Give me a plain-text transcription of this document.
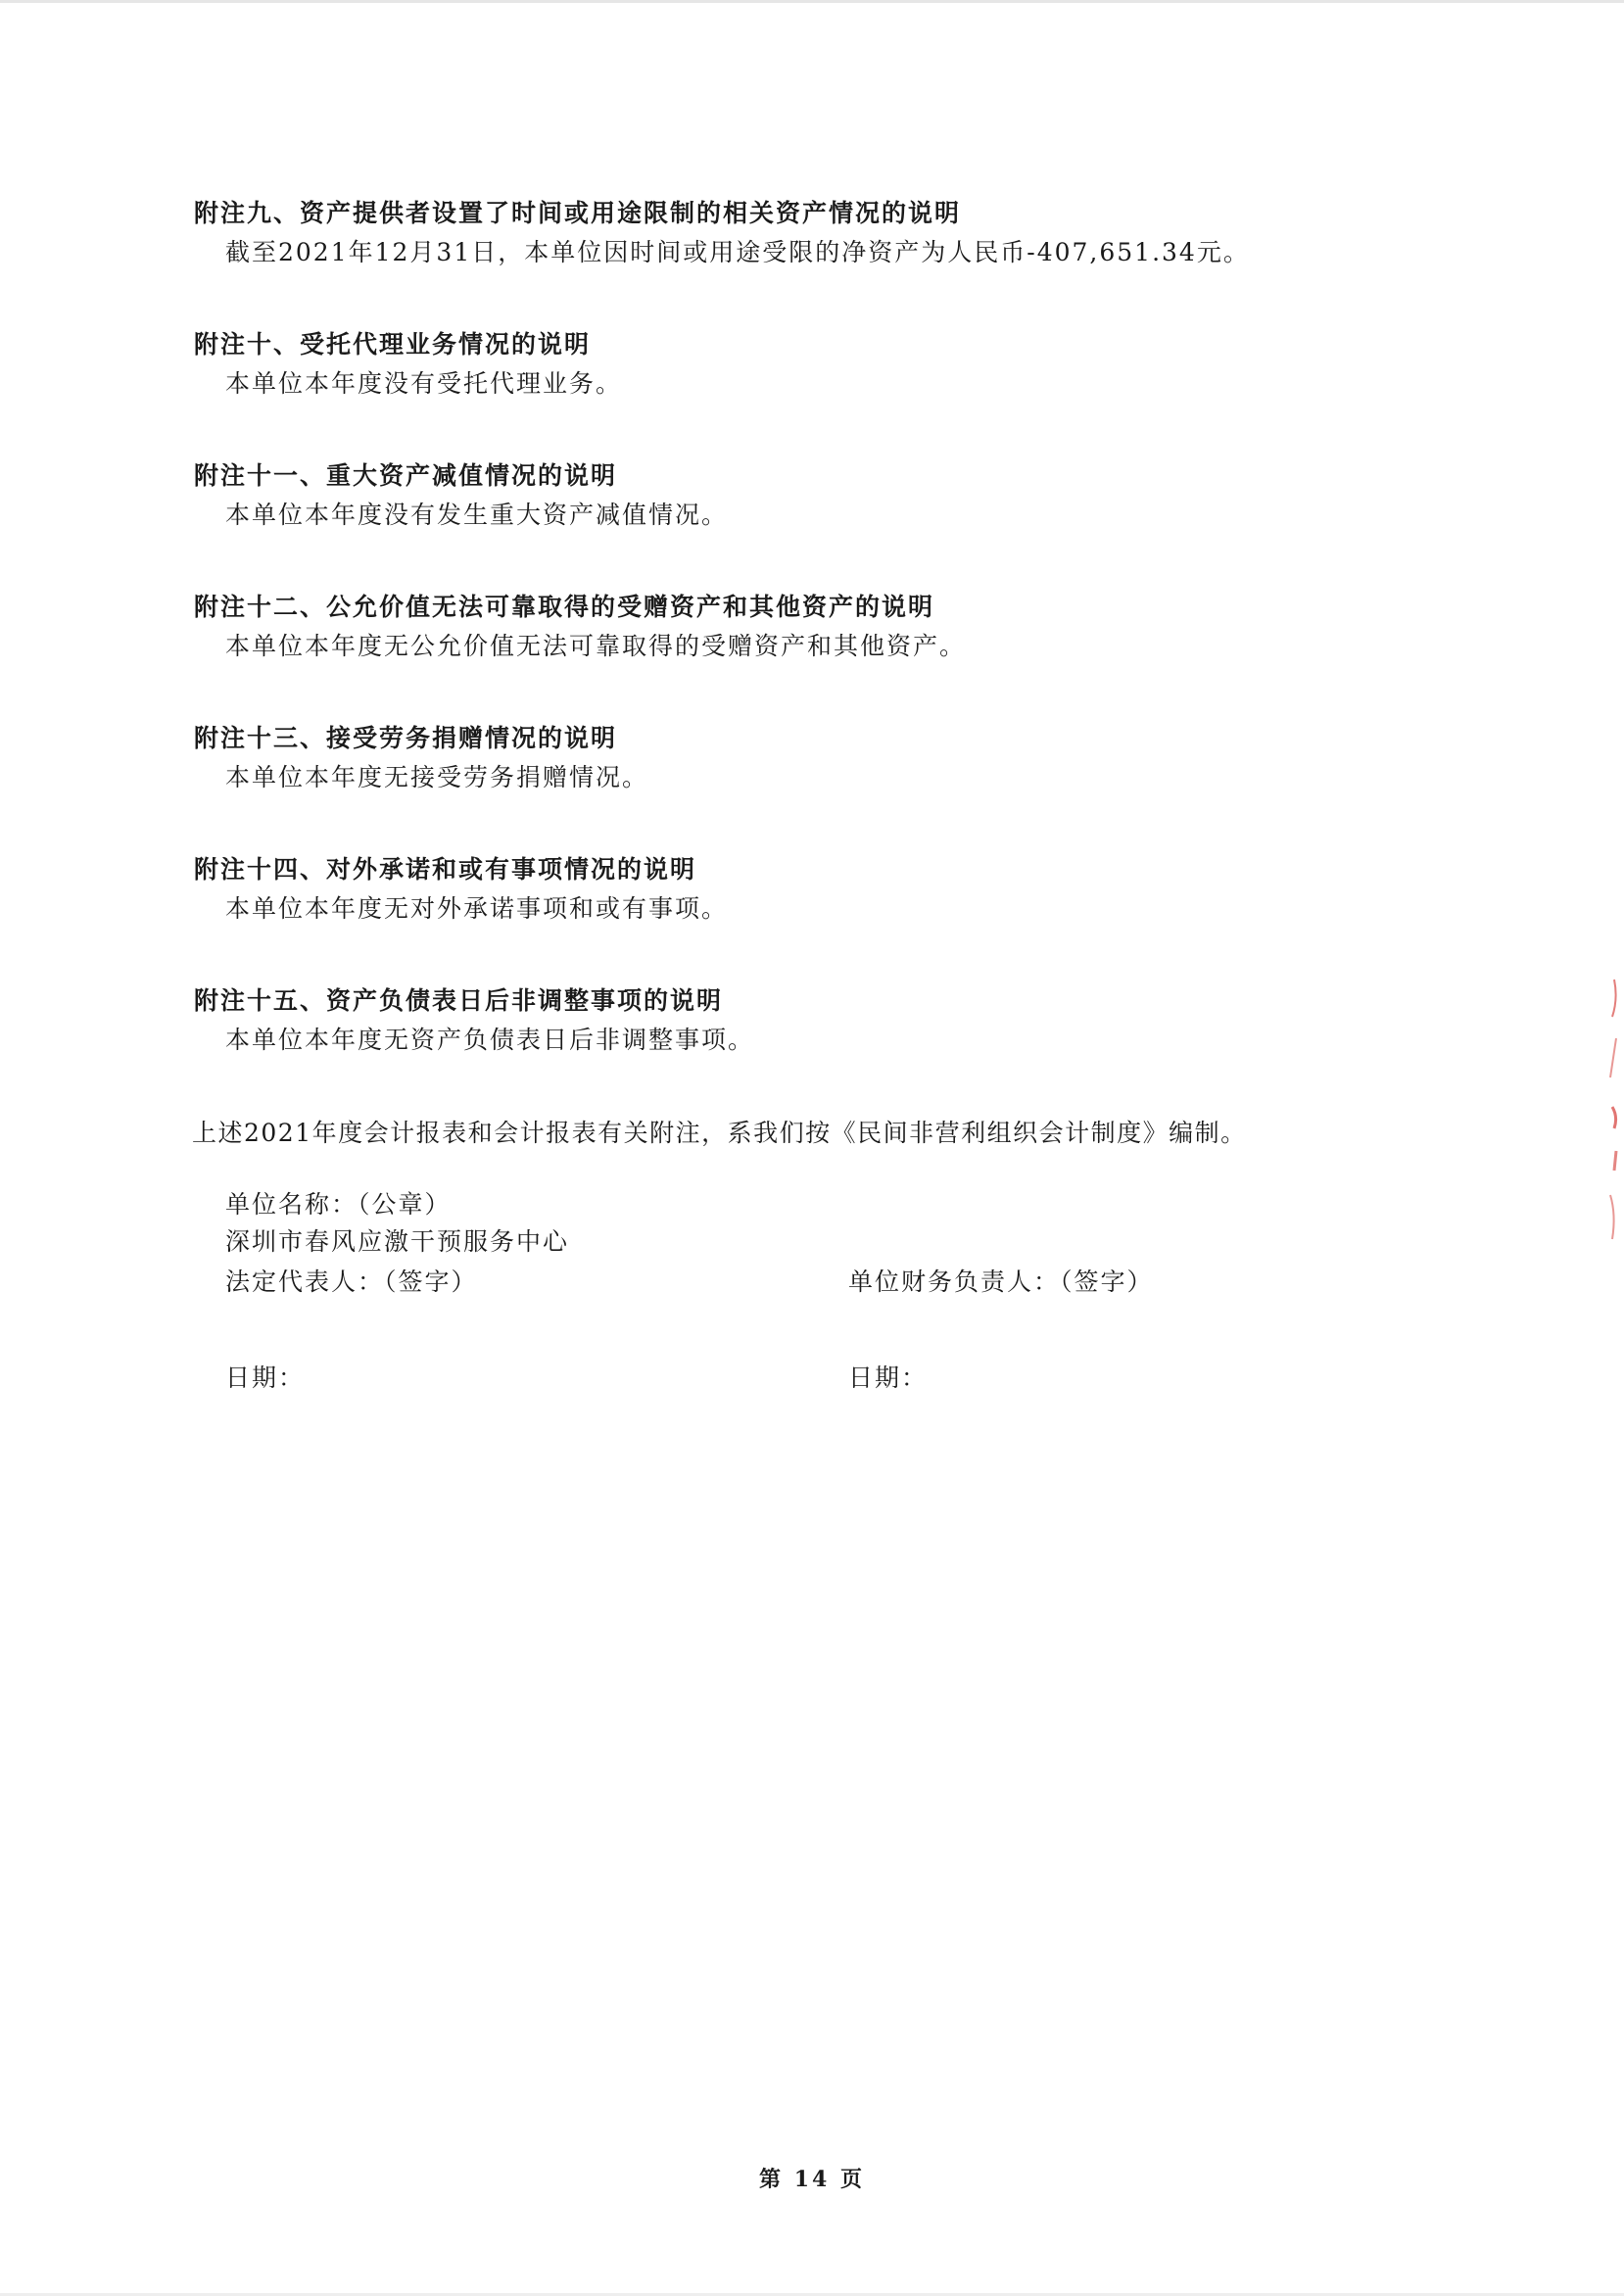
附注九、资产提供者设置了时间或用途限制的相关资产情况的说明
截至2021年12月31日，本单位因时间或用途受限的净资产为人民币-407,651.34元。
附注十、受托代理业务情况的说明
本单位本年度没有受托代理业务。
附注十一、重大资产减值情况的说明
本单位本年度没有发生重大资产减值情况。
附注十二、公允价值无法可靠取得的受赠资产和其他资产的说明
本单位本年度无公允价值无法可靠取得的受赠资产和其他资产。
附注十三、接受劳务捐赠情况的说明
本单位本年度无接受劳务捐赠情况。
附注十四、对外承诺和或有事项情况的说明
本单位本年度无对外承诺事项和或有事项。
附注十五、资产负债表日后非调整事项的说明
本单位本年度无资产负债表日后非调整事项。
上述2021年度会计报表和会计报表有关附注，系我们按《民间非营利组织会计制度》编制。
单位名称：（公章）
深圳市春风应激干预服务中心
法定代表人：（签字）	单位财务负责人：（签字）
日期：	日期：
第 14 页
